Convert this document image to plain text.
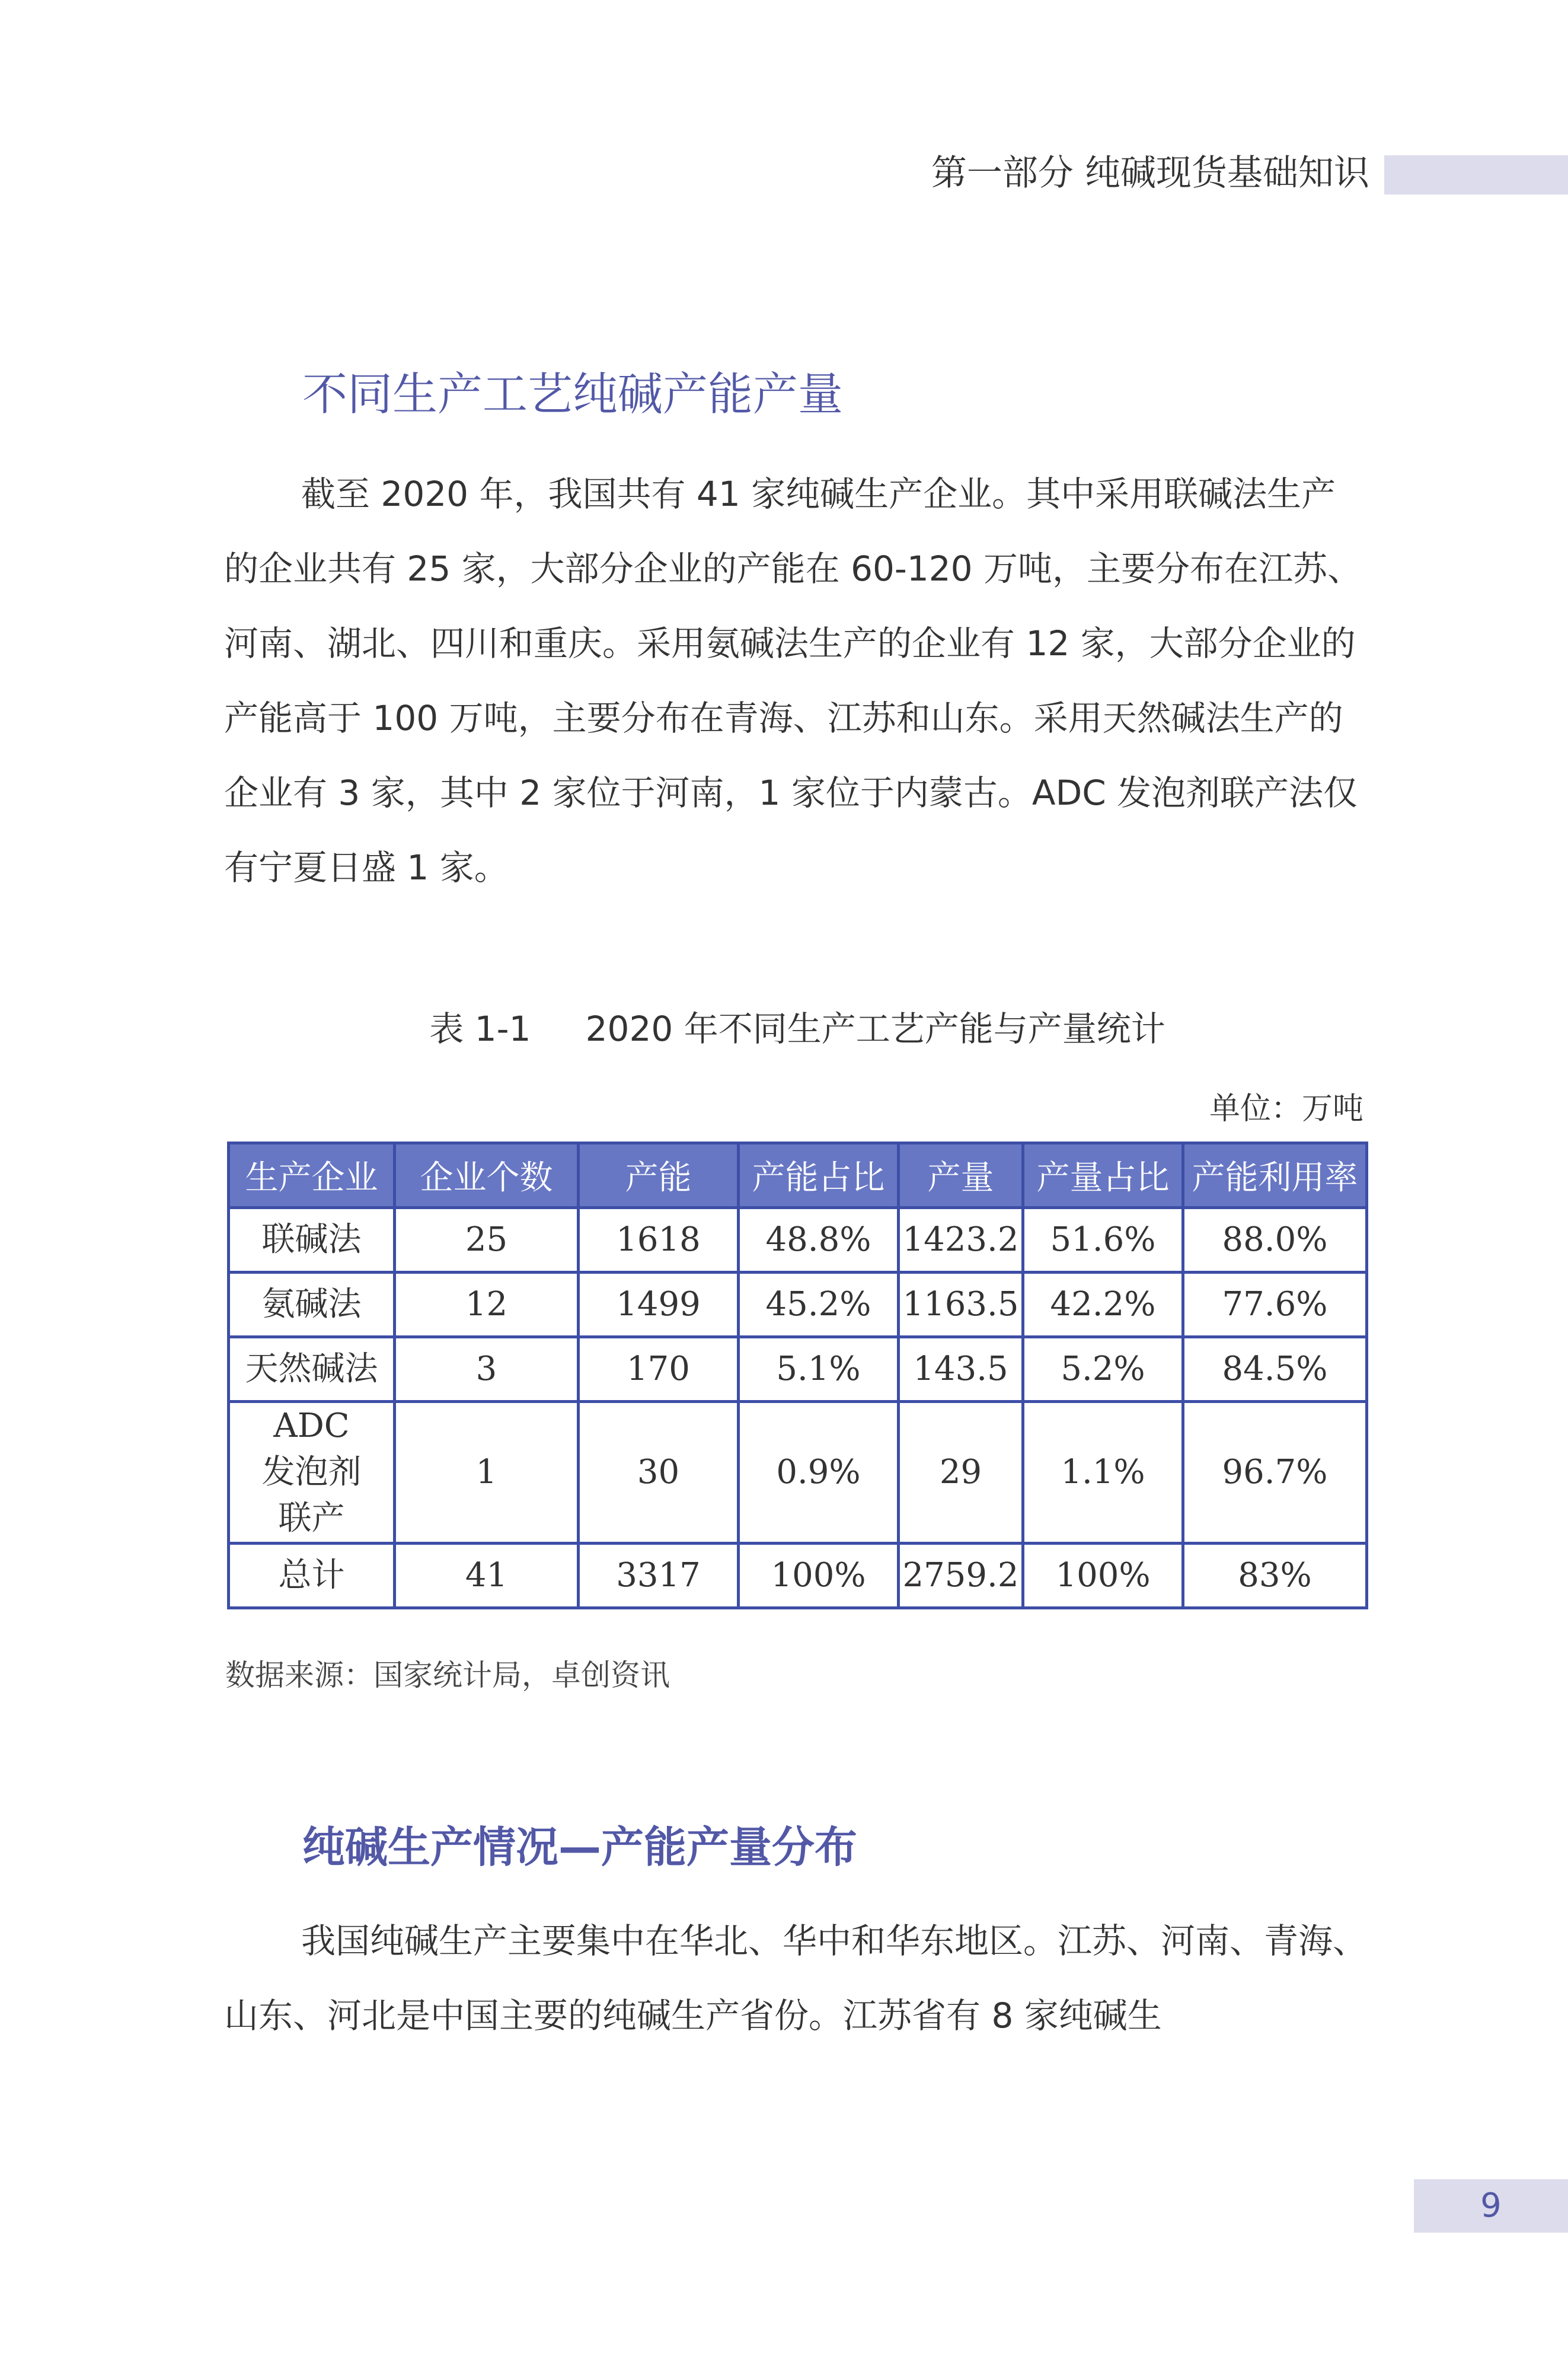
第一部分 纯碱现货基础知识
不同生产工艺纯碱产能产量

截至 2020 年，我国共有 41 家纯碱生产企业。其中采用联碱法生产的企业共有 25 家，大部分企业的产能在 60-120 万吨，主要分布在江苏、河南、湖北、四川和重庆。采用氨碱法生产的企业有 12 家，大部分企业的产能高于 100 万吨，主要分布在青海、江苏和山东。采用天然碱法生产的企业有 3 家，其中 2 家位于河南，1 家位于内蒙古。ADC 发泡剂联产法仅有宁夏日盛 1 家。

表 1-1     2020 年不同生产工艺产能与产量统计
单位：万吨
生产企业	企业个数	产能	产能占比	产量	产量占比	产能利用率
联碱法	25	1618	48.8%	1423.2	51.6%	88.0%
氨碱法	12	1499	45.2%	1163.5	42.2%	77.6%
天然碱法	3	170	5.1%	143.5	5.2%	84.5%
ADC
发泡剂
联产	1	30	0.9%	29	1.1%	96.7%
总计	41	3317	100%	2759.2	100%	83%
数据来源：国家统计局，卓创资讯
纯碱生产情况—产能产量分布

我国纯碱生产主要集中在华北、华中和华东地区。江苏、河南、青海、山东、河北是中国主要的纯碱生产省份。江苏省有 8 家纯碱生

9
